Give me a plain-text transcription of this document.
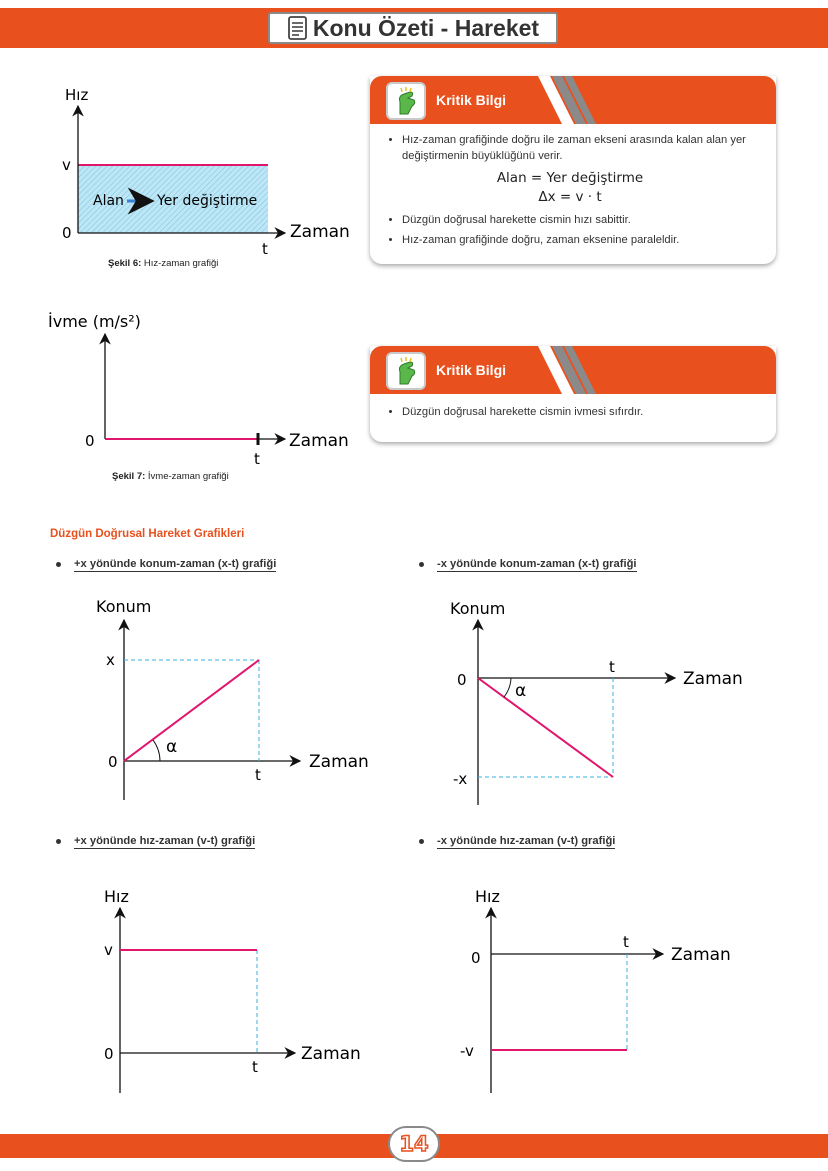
Konu Özeti - Hareket
Hız
v
0
t
Zaman
Alan Yer değiştirme
Şekil 6: Hız-zaman grafiği
Kritik Bilgi
• Hız-zaman grafiğinde doğru ile zaman ekseni arasında kalan alan yer değiştirmenin büyüklüğünü verir.
Alan = Yer değiştirme
Δx = v · t
• Düzgün doğrusal harekette cismin hızı sabittir.
• Hız-zaman grafiğinde doğru, zaman eksenine paraleldir.
İvme (m/s²)
0
t
Zaman
Şekil 7: İvme-zaman grafiği
Kritik Bilgi
• Düzgün doğrusal harekette cismin ivmesi sıfırdır.
Düzgün Doğrusal Hareket Grafikleri
+x yönünde konum-zaman (x-t) grafiği	-x yönünde konum-zaman (x-t) grafiği
α
Konum
x
0
t
Zaman
α
Konum
0
-x
t
Zaman
+x yönünde hız-zaman (v-t) grafiği	-x yönünde hız-zaman (v-t) grafiği
Hız
v
0
t
Zaman
Hız
0
-v
t
Zaman
14
